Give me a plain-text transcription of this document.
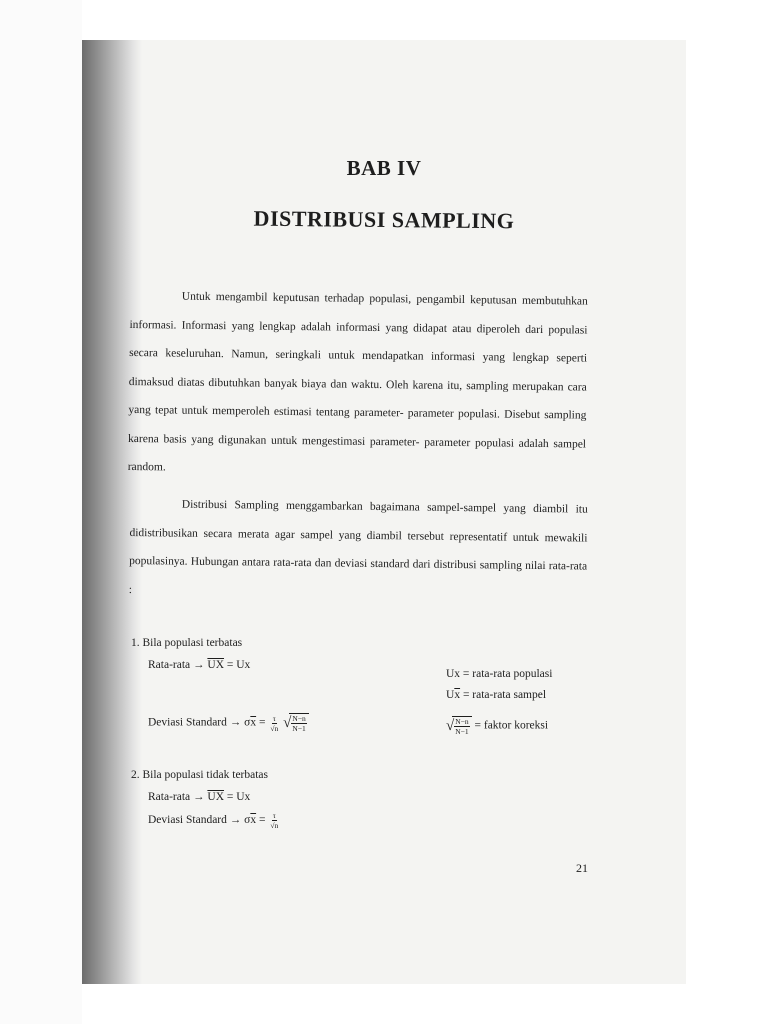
BAB IV
DISTRIBUSI SAMPLING
Untuk mengambil keputusan terhadap populasi, pengambil keputusan membutuhkan informasi. Informasi yang lengkap adalah informasi yang didapat atau diperoleh dari populasi secara keseluruhan. Namun, seringkali untuk mendapatkan informasi yang lengkap seperti dimaksud diatas dibutuhkan banyak biaya dan waktu. Oleh karena itu, sampling merupakan cara yang tepat untuk memperoleh estimasi tentang parameter- parameter populasi. Disebut sampling karena basis yang digunakan untuk mengestimasi parameter- parameter populasi adalah sampel random.
Distribusi Sampling menggambarkan bagaimana sampel-sampel yang diambil itu didistribusikan secara merata agar sampel yang diambil tersebut representatif untuk mewakili populasinya. Hubungan antara rata-rata dan deviasi standard dari distribusi sampling nilai rata-rata :
1. Bila populasi terbatas
Rata-rata → $\overline{UX} = Ux$
Deviasi Standard → $\sigma\overline{x} = \frac{\tau}{√n}$ √
$\frac{N-n}{N-1}$
Ux = rata-rata populasi
$U\overline{x}$ = rata-rata sampel
√
$\frac{N-n}{N-1}$ = faktor koreksi
2. Bila populasi tidak terbatas
Rata-rata → $\overline{UX} = Ux$
Deviasi Standard → $\sigma\overline{x} = \frac{\tau}{√n}$
21
